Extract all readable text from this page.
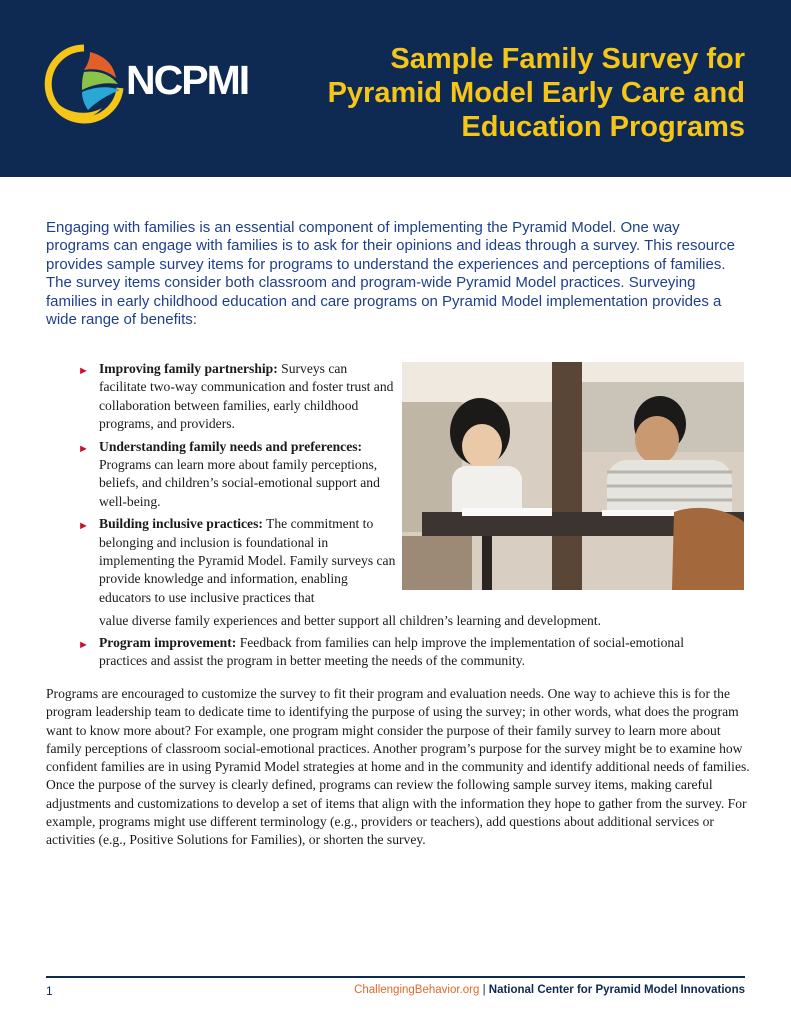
NCPMI	Sample Family Survey for Pyramid Model Early Care and Education Programs
Engaging with families is an essential component of implementing the Pyramid Model. One way programs can engage with families is to ask for their opinions and ideas through a survey. This resource provides sample survey items for programs to understand the experiences and perceptions of families. The survey items consider both classroom and program-wide Pyramid Model practices. Surveying families in early childhood education and care programs on Pyramid Model implementation provides a wide range of benefits:
► Improving family partnership: Surveys can facilitate two-way communication and foster trust and collaboration between families, early childhood programs, and providers.
► Understanding family needs and preferences: Programs can learn more about family perceptions, beliefs, and children’s social-emotional support and well-being.
► Building inclusive practices: The commitment to belonging and inclusion is foundational in implementing the Pyramid Model. Family surveys can provide knowledge and information, enabling educators to use inclusive practices that
value diverse family experiences and better support all children’s learning and development.
► Program improvement: Feedback from families can help improve the implementation of social-emotional practices and assist the program in better meeting the needs of the community.
Programs are encouraged to customize the survey to fit their program and evaluation needs. One way to achieve this is for the program leadership team to dedicate time to identifying the purpose of using the survey; in other words, what does the program want to know more about? For example, one program might consider the purpose of their family survey to learn more about family perceptions of classroom social-emotional practices. Another program’s purpose for the survey might be to examine how confident families are in using Pyramid Model strategies at home and in the community and identify additional needs of families. Once the purpose of the survey is clearly defined, programs can review the following sample survey items, making careful adjustments and customizations to develop a set of items that align with the information they hope to gather from the survey. For example, programs might use different terminology (e.g., providers or teachers), add questions about additional services or activities (e.g., Positive Solutions for Families), or shorten the survey.
1	ChallengingBehavior.org | National Center for Pyramid Model Innovations
